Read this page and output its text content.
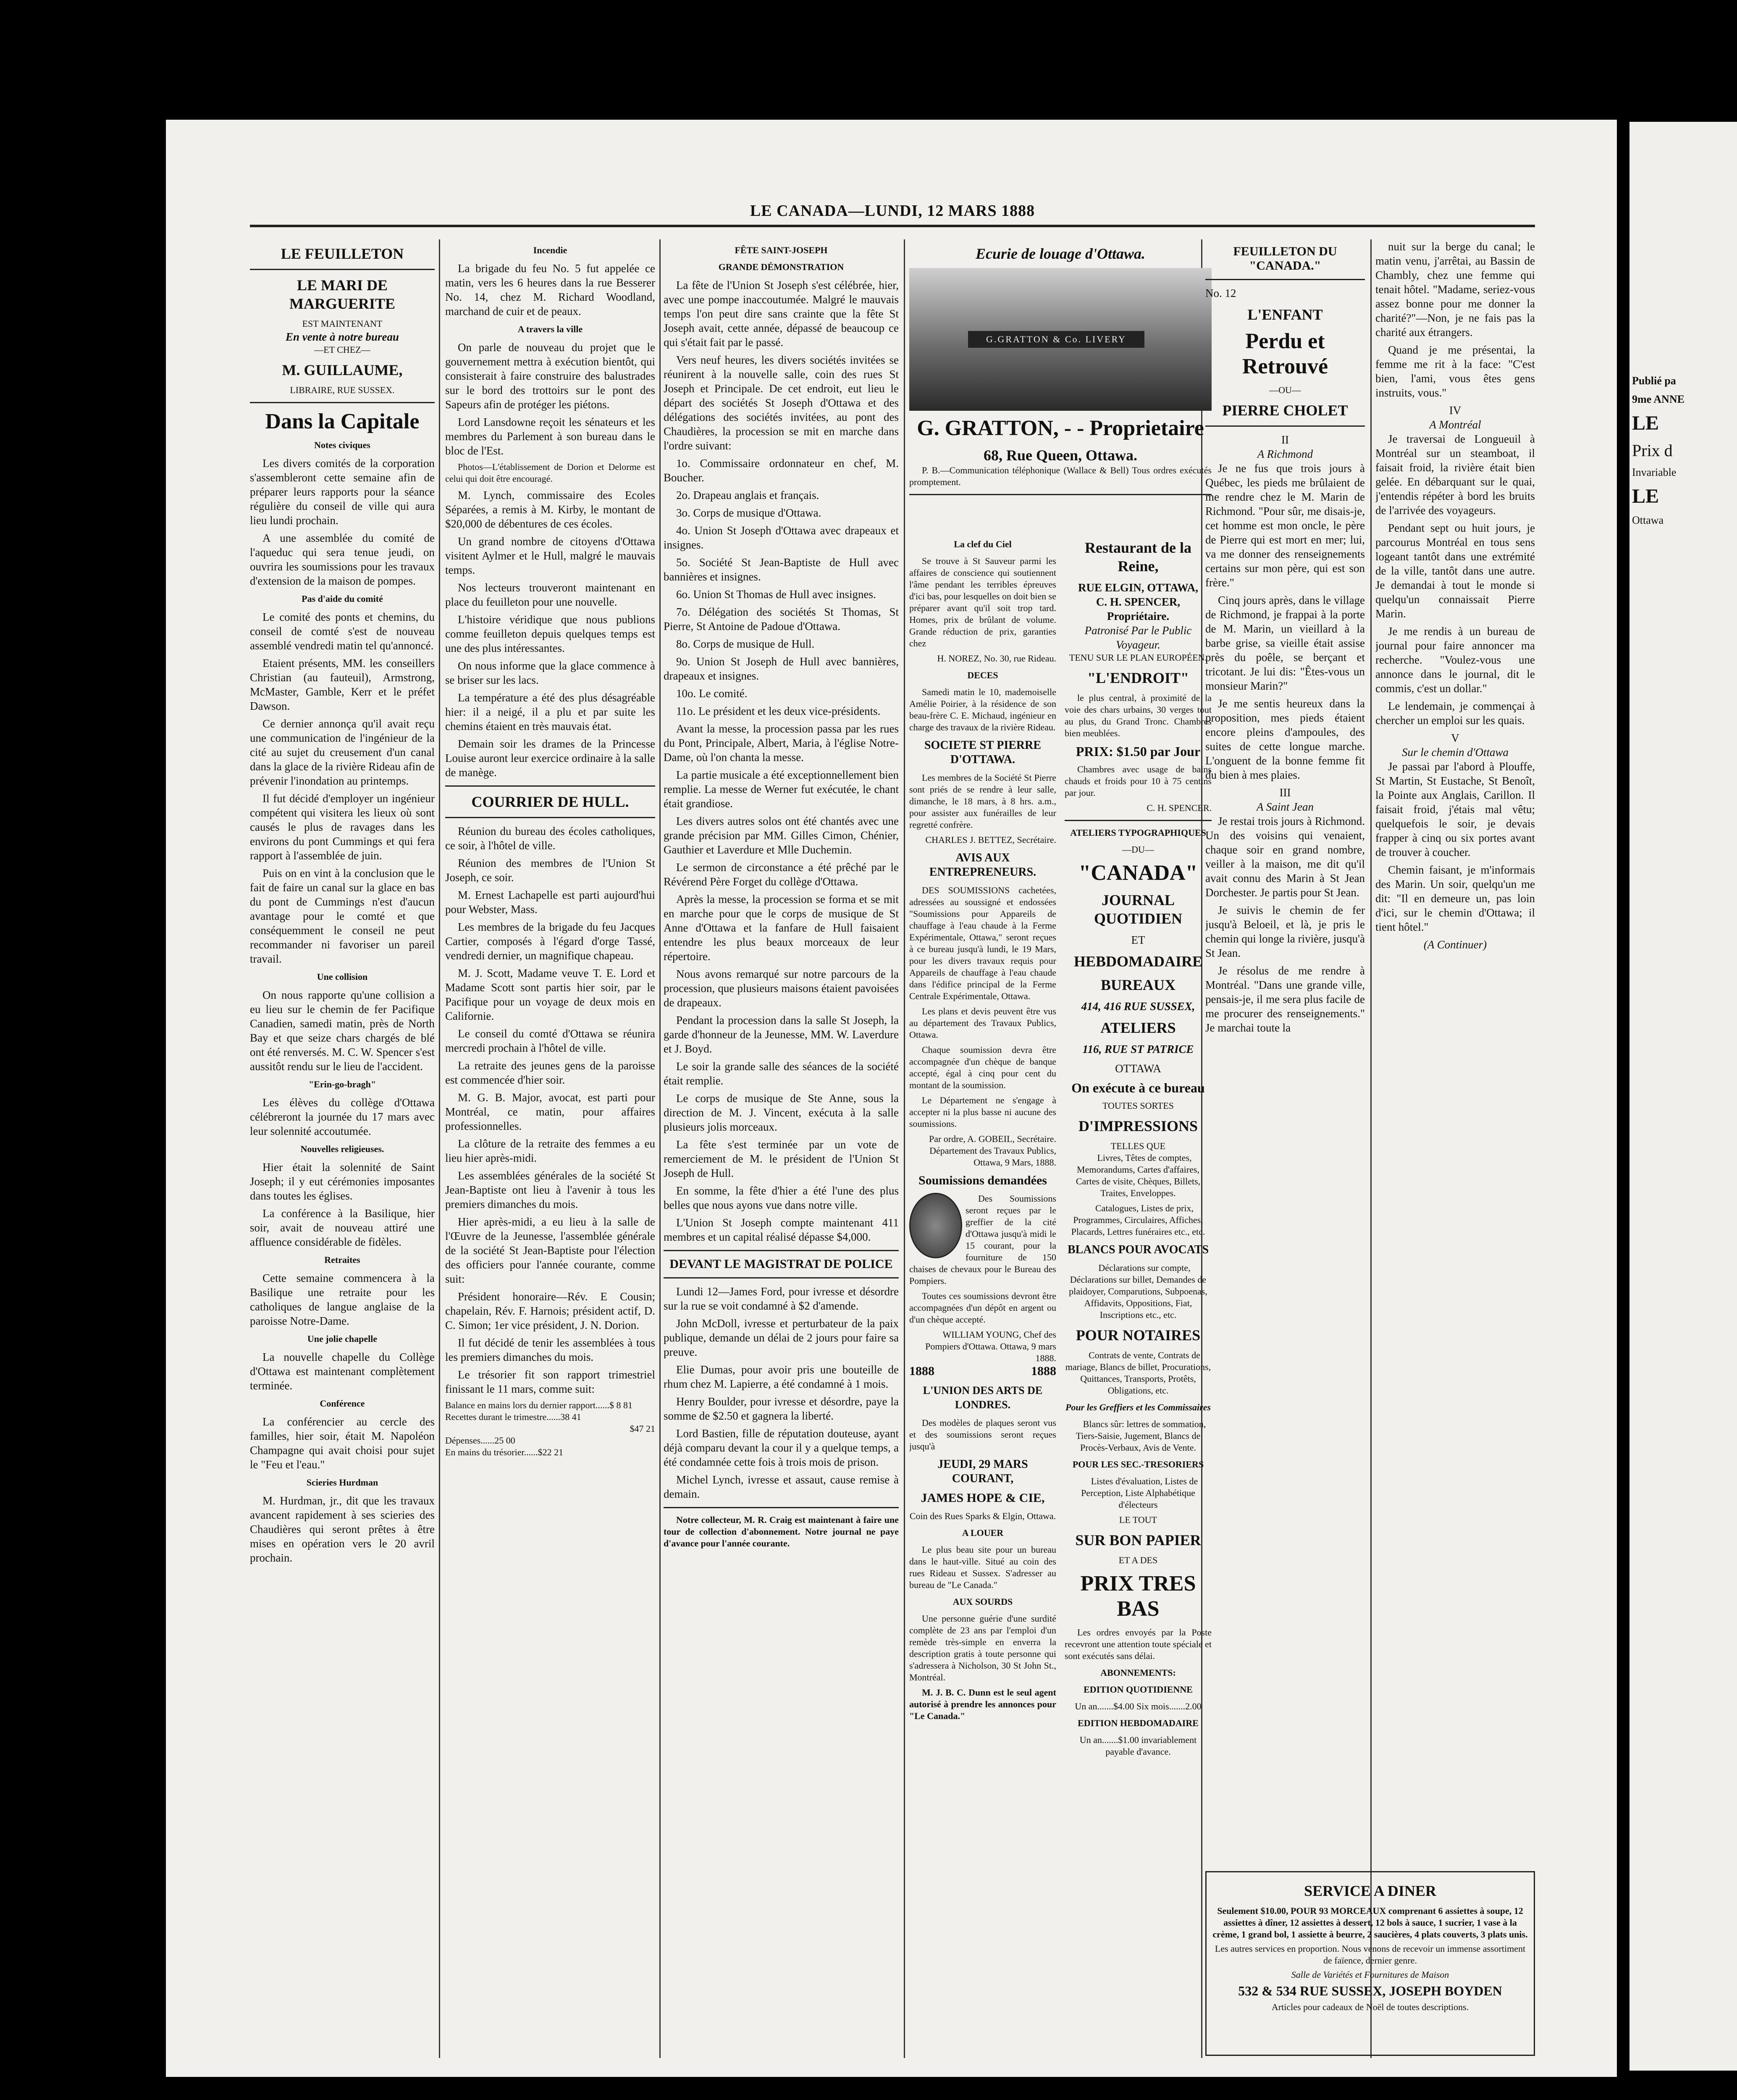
LE CANADA—LUNDI, 12 MARS 1888
LE FEUILLETON
LE MARI DE MARGUERITE
EST MAINTENANT
En vente à notre bureau
—ET CHEZ—
M. GUILLAUME,
LIBRAIRE, RUE SUSSEX.
Dans la Capitale
Notes civiques

Les divers comités de la corporation s'assembleront cette semaine afin de préparer leurs rapports pour la séance régulière du conseil de ville qui aura lieu lundi prochain.

A une assemblée du comité de l'aqueduc qui sera tenue jeudi, on ouvrira les soumissions pour les travaux d'extension de la maison de pompes.

Pas d'aide du comité

Le comité des ponts et chemins, du conseil de comté s'est de nouveau assemblé vendredi matin tel qu'annoncé.

Etaient présents, MM. les conseillers Christian (au fauteuil), Armstrong, McMaster, Gamble, Kerr et le préfet Dawson.

Ce dernier annonça qu'il avait reçu une communication de l'ingénieur de la cité au sujet du creusement d'un canal dans la glace de la rivière Rideau afin de prévenir l'inondation au printemps.

Il fut décidé d'employer un ingénieur compétent qui visitera les lieux où sont causés le plus de ravages dans les environs du pont Cummings et qui fera rapport à l'assemblée de juin.

Puis on en vint à la conclusion que le fait de faire un canal sur la glace en bas du pont de Cummings n'est d'aucun avantage pour le comté et que conséquemment le conseil ne peut recommander ni favoriser un pareil travail.

Une collision

On nous rapporte qu'une collision a eu lieu sur le chemin de fer Pacifique Canadien, samedi matin, près de North Bay et que seize chars chargés de blé ont été renversés. M. C. W. Spencer s'est aussitôt rendu sur le lieu de l'accident.

"Erin-go-bragh"

Les élèves du collège d'Ottawa célébreront la journée du 17 mars avec leur solennité accoutumée.

Nouvelles religieuses.

Hier était la solennité de Saint Joseph; il y eut cérémonies imposantes dans toutes les églises.

La conférence à la Basilique, hier soir, avait de nouveau attiré une affluence considérable de fidèles.

Retraites

Cette semaine commencera à la Basilique une retraite pour les catholiques de langue anglaise de la paroisse Notre-Dame.

Une jolie chapelle

La nouvelle chapelle du Collège d'Ottawa est maintenant complètement terminée.

Conférence

La conférencier au cercle des familles, hier soir, était M. Napoléon Champagne qui avait choisi pour sujet le "Feu et l'eau."

Scieries Hurdman

M. Hurdman, jr., dit que les travaux avancent rapidement à ses scieries des Chaudières qui seront prêtes à être mises en opération vers le 20 avril prochain.

Incendie

La brigade du feu No. 5 fut appelée ce matin, vers les 6 heures dans la rue Besserer No. 14, chez M. Richard Woodland, marchand de cuir et de peaux.

A travers la ville

On parle de nouveau du projet que le gouvernement mettra à exécution bientôt, qui consisterait à faire construire des balustrades sur le bord des trottoirs sur le pont des Sapeurs afin de protéger les piétons.

Lord Lansdowne reçoit les sénateurs et les membres du Parlement à son bureau dans le bloc de l'Est.

Photos—L'établissement de Dorion et Delorme est celui qui doit être encouragé.

M. Lynch, commissaire des Ecoles Séparées, a remis à M. Kirby, le montant de $20,000 de débentures de ces écoles.

Un grand nombre de citoyens d'Ottawa visitent Aylmer et le Hull, malgré le mauvais temps.

Nos lecteurs trouveront maintenant en place du feuilleton pour une nouvelle.

L'histoire véridique que nous publions comme feuilleton depuis quelques temps est une des plus intéressantes.

On nous informe que la glace commence à se briser sur les lacs.

La température a été des plus désagréable hier: il a neigé, il a plu et par suite les chemins étaient en très mauvais état.

Demain soir les drames de la Princesse Louise auront leur exercice ordinaire à la salle de manège.

COURRIER DE HULL.

Réunion du bureau des écoles catholiques, ce soir, à l'hôtel de ville.

Réunion des membres de l'Union St Joseph, ce soir.

M. Ernest Lachapelle est parti aujourd'hui pour Webster, Mass.

Les membres de la brigade du feu Jacques Cartier, composés à l'égard d'orge Tassé, vendredi dernier, un magnifique chapeau.

M. J. Scott, Madame veuve T. E. Lord et Madame Scott sont partis hier soir, par le Pacifique pour un voyage de deux mois en Californie.

Le conseil du comté d'Ottawa se réunira mercredi prochain à l'hôtel de ville.

La retraite des jeunes gens de la paroisse est commencée d'hier soir.

M. G. B. Major, avocat, est parti pour Montréal, ce matin, pour affaires professionnelles.

La clôture de la retraite des femmes a eu lieu hier après-midi.

Les assemblées générales de la société St Jean-Baptiste ont lieu à l'avenir à tous les premiers dimanches du mois.

Hier après-midi, a eu lieu à la salle de l'Œuvre de la Jeunesse, l'assemblée générale de la société St Jean-Baptiste pour l'élection des officiers pour l'année courante, comme suit:

Président honoraire—Rév. E Cousin; chapelain, Rév. F. Harnois; président actif, D. C. Simon; 1er vice président, J. N. Dorion.

Il fut décidé de tenir les assemblées à tous les premiers dimanches du mois.

Le trésorier fit son rapport trimestriel finissant le 11 mars, comme suit:

Balance en mains lors du dernier rapport......$ 8 81
Recettes durant le trimestre......38 41
$47 21
Dépenses......25 00
En mains du trésorier......$22 21
FÊTE SAINT-JOSEPH
GRANDE DÉMONSTRATION

La fête de l'Union St Joseph s'est célébrée, hier, avec une pompe inaccoutumée. Malgré le mauvais temps l'on peut dire sans crainte que la fête St Joseph avait, cette année, dépassé de beaucoup ce qui s'était fait par le passé.

Vers neuf heures, les divers sociétés invitées se réunirent à la nouvelle salle, coin des rues St Joseph et Principale. De cet endroit, eut lieu le départ des sociétés St Joseph d'Ottawa et des délégations des sociétés invitées, au pont des Chaudières, la procession se mit en marche dans l'ordre suivant:

1o. Commissaire ordonnateur en chef, M. Boucher.

2o. Drapeau anglais et français.

3o. Corps de musique d'Ottawa.

4o. Union St Joseph d'Ottawa avec drapeaux et insignes.

5o. Société St Jean-Baptiste de Hull avec bannières et insignes.

6o. Union St Thomas de Hull avec insignes.

7o. Délégation des sociétés St Thomas, St Pierre, St Antoine de Padoue d'Ottawa.

8o. Corps de musique de Hull.

9o. Union St Joseph de Hull avec bannières, drapeaux et insignes.

10o. Le comité.

11o. Le président et les deux vice-présidents.

Avant la messe, la procession passa par les rues du Pont, Principale, Albert, Maria, à l'église Notre-Dame, où l'on chanta la messe.

La partie musicale a été exceptionnellement bien remplie. La messe de Werner fut exécutée, le chant était grandiose.

Les divers autres solos ont été chantés avec une grande précision par MM. Gilles Cimon, Chénier, Gauthier et Laverdure et Mlle Duchemin.

Le sermon de circonstance a été prêché par le Révérend Père Forget du collège d'Ottawa.

Après la messe, la procession se forma et se mit en marche pour que le corps de musique de St Anne d'Ottawa et la fanfare de Hull faisaient entendre les plus beaux morceaux de leur répertoire.

Nous avons remarqué sur notre parcours de la procession, que plusieurs maisons étaient pavoisées de drapeaux.

Pendant la procession dans la salle St Joseph, la garde d'honneur de la Jeunesse, MM. W. Laverdure et J. Boyd.

Le soir la grande salle des séances de la société était remplie.

Le corps de musique de Ste Anne, sous la direction de M. J. Vincent, exécuta à la salle plusieurs jolis morceaux.

La fête s'est terminée par un vote de remerciement de M. le président de l'Union St Joseph de Hull.

En somme, la fête d'hier a été l'une des plus belles que nous ayons vue dans notre ville.

L'Union St Joseph compte maintenant 411 membres et un capital réalisé dépasse $4,000.

DEVANT LE MAGISTRAT DE POLICE

Lundi 12—James Ford, pour ivresse et désordre sur la rue se voit condamné à $2 d'amende.

John McDoll, ivresse et perturbateur de la paix publique, demande un délai de 2 jours pour faire sa preuve.

Elie Dumas, pour avoir pris une bouteille de rhum chez M. Lapierre, a été condamné à 1 mois.

Henry Boulder, pour ivresse et désordre, paye la somme de $2.50 et gagnera la liberté.

Lord Bastien, fille de réputation douteuse, ayant déjà comparu devant la cour il y a quelque temps, a été condamnée cette fois à trois mois de prison.

Michel Lynch, ivresse et assaut, cause remise à demain.

Notre collecteur, M. R. Craig est maintenant à faire une tour de collection d'abonnement. Notre journal ne paye d'avance pour l'année courante.

Ecurie de louage d'Ottawa.
G.GRATTON & Co. LIVERY
G. GRATTON, - - Proprietaire
68, Rue Queen, Ottawa.

P. B.—Communication téléphonique (Wallace & Bell) Tous ordres exécutés promptement.

La clef du Ciel

Se trouve à St Sauveur parmi les affaires de conscience qui soutiennent l'âme pendant les terribles épreuves d'ici bas, pour lesquelles on doit bien se préparer avant qu'il soit trop tard. Homes, prix de brûlant de volume. Grande réduction de prix, garanties chez

H. NOREZ, No. 30, rue Rideau.
DECES

Samedi matin le 10, mademoiselle Amélie Poirier, à la résidence de son beau-frère C. E. Michaud, ingénieur en charge des travaux de la rivière Rideau.

SOCIETE ST PIERRE D'OTTAWA.

Les membres de la Société St Pierre sont priés de se rendre à leur salle, dimanche, le 18 mars, à 8 hrs. a.m., pour assister aux funérailles de leur regretté confrère.

CHARLES J. BETTEZ, Secrétaire.
AVIS AUX ENTREPRENEURS.

DES SOUMISSIONS cachetées, adressées au soussigné et endossées "Soumissions pour Appareils de chauffage à l'eau chaude à la Ferme Expérimentale, Ottawa," seront reçues à ce bureau jusqu'à lundi, le 19 Mars, pour les divers travaux requis pour Appareils de chauffage à l'eau chaude dans l'édifice principal de la Ferme Centrale Expérimentale, Ottawa.

Les plans et devis peuvent être vus au département des Travaux Publics, Ottawa.

Chaque soumission devra être accompagnée d'un chèque de banque accepté, égal à cinq pour cent du montant de la soumission.

Le Département ne s'engage à accepter ni la plus basse ni aucune des soumissions.

Par ordre, A. GOBEIL, Secrétaire. Département des Travaux Publics, Ottawa, 9 Mars, 1888.
Soumissions demandées

Des Soumissions seront reçues par le greffier de la cité d'Ottawa jusqu'à midi le 15 courant, pour la fourniture de 150 chaises de chevaux pour le Bureau des Pompiers.

Toutes ces soumissions devront être accompagnées d'un dépôt en argent ou d'un chèque accepté.

WILLIAM YOUNG, Chef des Pompiers d'Ottawa. Ottawa, 9 mars 1888.
1888	1888
L'UNION DES ARTS DE LONDRES.

Des modèles de plaques seront vus et des soumissions seront reçues jusqu'à

JEUDI, 29 MARS COURANT,
JAMES HOPE & CIE,
Coin des Rues Sparks & Elgin, Ottawa.
A LOUER

Le plus beau site pour un bureau dans le haut-ville. Situé au coin des rues Rideau et Sussex. S'adresser au bureau de "Le Canada."

AUX SOURDS

Une personne guérie d'une surdité complète de 23 ans par l'emploi d'un remède très-simple en enverra la description gratis à toute personne qui s'adressera à Nicholson, 30 St John St., Montréal.

M. J. B. C. Dunn est le seul agent autorisé à prendre les annonces pour "Le Canada."

Restaurant de la Reine,
RUE ELGIN, OTTAWA,
C. H. SPENCER, Propriétaire.
Patronisé Par le Public Voyageur.
TENU SUR LE PLAN EUROPÉEN.
"L'ENDROIT"

le plus central, à proximité de la voie des chars urbains, 30 verges tout au plus, du Grand Tronc. Chambres bien meublées.

PRIX: $1.50 par Jour

Chambres avec usage de bains chauds et froids pour 10 à 75 centins par jour.

C. H. SPENCER.
ATELIERS TYPOGRAPHIQUES
—DU—
"CANADA"
JOURNAL QUOTIDIEN
ET
HEBDOMADAIRE
BUREAUX
414, 416 RUE SUSSEX,
ATELIERS
116, RUE ST PATRICE
OTTAWA
On exécute à ce bureau
TOUTES SORTES
D'IMPRESSIONS
TELLES QUE

Livres, Têtes de comptes, Memorandums, Cartes d'affaires, Cartes de visite, Chèques, Billets, Traites, Enveloppes.

Catalogues, Listes de prix, Programmes, Circulaires, Affiches, Placards, Lettres funéraires etc., etc.

BLANCS POUR AVOCATS

Déclarations sur compte, Déclarations sur billet, Demandes de plaidoyer, Comparutions, Subpoenas, Affidavits, Oppositions, Fiat, Inscriptions etc., etc.

POUR NOTAIRES

Contrats de vente, Contrats de mariage, Blancs de billet, Procurations, Quittances, Transports, Protêts, Obligations, etc.

Pour les Greffiers et les Commissaires

Blancs sûr: lettres de sommation, Tiers-Saisie, Jugement, Blancs de Procès-Verbaux, Avis de Vente.

POUR LES SEC.-TRESORIERS

Listes d'évaluation, Listes de Perception, Liste Alphabétique d'électeurs

LE TOUT
SUR BON PAPIER
ET A DES
PRIX TRES BAS

Les ordres envoyés par la Poste recevront une attention toute spéciale et sont exécutés sans délai.

ABONNEMENTS:
EDITION QUOTIDIENNE
Un an.......$4.00 Six mois.......2.00
EDITION HEBDOMADAIRE
Un an.......$1.00 invariablement payable d'avance.
FEUILLETON DU "CANADA."
No. 12
L'ENFANT
Perdu et Retrouvé
—OU—
PIERRE CHOLET
II
A Richmond

Je ne fus que trois jours à Québec, les pieds me brûlaient de me rendre chez le M. Marin de Richmond. "Pour sûr, me disais-je, cet homme est mon oncle, le père de Pierre qui est mort en mer; lui, va me donner des renseignements certains sur mon père, qui est son frère."

Cinq jours après, dans le village de Richmond, je frappai à la porte de M. Marin, un vieillard à la barbe grise, sa vieille était assise près du poêle, se berçant et tricotant. Je lui dis: "Êtes-vous un monsieur Marin?"

Je me sentis heureux dans la proposition, mes pieds étaient encore pleins d'ampoules, des suites de cette longue marche. L'onguent de la bonne femme fit du bien à mes plaies.

III
A Saint Jean

Je restai trois jours à Richmond. Un des voisins qui venaient, chaque soir en grand nombre, veiller à la maison, me dit qu'il avait connu des Marin à St Jean Dorchester. Je partis pour St Jean.

Je suivis le chemin de fer jusqu'à Beloeil, et là, je pris le chemin qui longe la rivière, jusqu'à St Jean.

Je résolus de me rendre à Montréal. "Dans une grande ville, pensais-je, il me sera plus facile de me procurer des renseignements." Je marchai toute la

nuit sur la berge du canal; le matin venu, j'arrêtai, au Bassin de Chambly, chez une femme qui tenait hôtel. "Madame, seriez-vous assez bonne pour me donner la charité?"—Non, je ne fais pas la charité aux étrangers.

Quand je me présentai, la femme me rit à la face: "C'est bien, l'ami, vous êtes gens instruits, vous."

IV
A Montréal

Je traversai de Longueuil à Montréal sur un steamboat, il faisait froid, la rivière était bien gelée. En débarquant sur le quai, j'entendis répéter à bord les bruits de l'arrivée des voyageurs.

Pendant sept ou huit jours, je parcourus Montréal en tous sens logeant tantôt dans une extrémité de la ville, tantôt dans une autre. Je demandai à tout le monde si quelqu'un connaissait Pierre Marin.

Je me rendis à un bureau de journal pour faire annoncer ma recherche. "Voulez-vous une annonce dans le journal, dit le commis, c'est un dollar."

Le lendemain, je commençai à chercher un emploi sur les quais.

V
Sur le chemin d'Ottawa

Je passai par l'abord à Plouffe, St Martin, St Eustache, St Benoît, la Pointe aux Anglais, Carillon. Il faisait froid, j'étais mal vêtu; quelquefois le soir, je devais frapper à cinq ou six portes avant de trouver à coucher.

Chemin faisant, je m'informais des Marin. Un soir, quelqu'un me dit: "Il en demeure un, pas loin d'ici, sur le chemin d'Ottawa; il tient hôtel."

(A Continuer)
SERVICE A DINER

Seulement $10.00, POUR 93 MORCEAUX comprenant 6 assiettes à soupe, 12 assiettes à dîner, 12 assiettes à dessert, 12 bols à sauce, 1 sucrier, 1 vase à la crème, 1 grand bol, 1 assiette à beurre, 2 saucières, 4 plats couverts, 3 plats unis.

Les autres services en proportion. Nous venons de recevoir un immense assortiment de faïence, dernier genre.

Salle de Variétés et Fournitures de Maison
532 & 534 RUE SUSSEX, JOSEPH BOYDEN
Articles pour cadeaux de Noël de toutes descriptions.

Publié pa

9me ANNE

LE

Prix d

Invariable

LE

Ottawa
